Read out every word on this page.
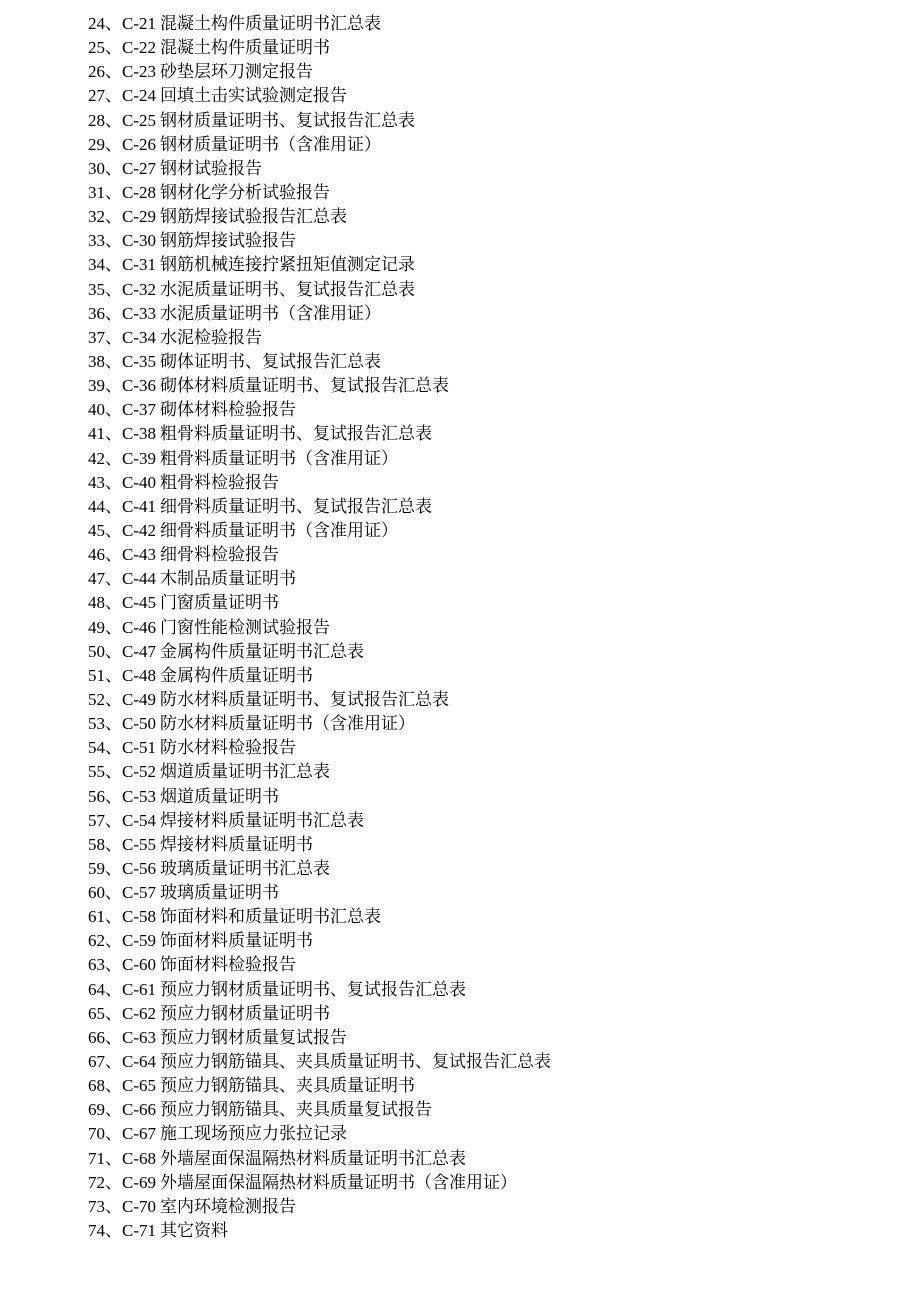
24、C-21 混凝土构件质量证明书汇总表
25、C-22 混凝土构件质量证明书
26、C-23 砂垫层环刀测定报告
27、C-24 回填土击实试验测定报告
28、C-25 钢材质量证明书、复试报告汇总表
29、C-26 钢材质量证明书（含准用证）
30、C-27 钢材试验报告
31、C-28 钢材化学分析试验报告
32、C-29 钢筋焊接试验报告汇总表
33、C-30 钢筋焊接试验报告
34、C-31 钢筋机械连接拧紧扭矩值测定记录
35、C-32 水泥质量证明书、复试报告汇总表
36、C-33 水泥质量证明书（含准用证）
37、C-34 水泥检验报告
38、C-35 砌体证明书、复试报告汇总表
39、C-36 砌体材料质量证明书、复试报告汇总表
40、C-37 砌体材料检验报告
41、C-38 粗骨料质量证明书、复试报告汇总表
42、C-39 粗骨料质量证明书（含准用证）
43、C-40 粗骨料检验报告
44、C-41 细骨料质量证明书、复试报告汇总表
45、C-42 细骨料质量证明书（含准用证）
46、C-43 细骨料检验报告
47、C-44 木制品质量证明书
48、C-45 门窗质量证明书
49、C-46 门窗性能检测试验报告
50、C-47 金属构件质量证明书汇总表
51、C-48 金属构件质量证明书
52、C-49 防水材料质量证明书、复试报告汇总表
53、C-50 防水材料质量证明书（含准用证）
54、C-51 防水材料检验报告
55、C-52 烟道质量证明书汇总表
56、C-53 烟道质量证明书
57、C-54 焊接材料质量证明书汇总表
58、C-55 焊接材料质量证明书
59、C-56 玻璃质量证明书汇总表
60、C-57 玻璃质量证明书
61、C-58 饰面材料和质量证明书汇总表
62、C-59 饰面材料质量证明书
63、C-60 饰面材料检验报告
64、C-61 预应力钢材质量证明书、复试报告汇总表
65、C-62 预应力钢材质量证明书
66、C-63 预应力钢材质量复试报告
67、C-64 预应力钢筋锚具、夹具质量证明书、复试报告汇总表
68、C-65 预应力钢筋锚具、夹具质量证明书
69、C-66 预应力钢筋锚具、夹具质量复试报告
70、C-67 施工现场预应力张拉记录
71、C-68 外墙屋面保温隔热材料质量证明书汇总表
72、C-69 外墙屋面保温隔热材料质量证明书（含准用证）
73、C-70 室内环境检测报告
74、C-71 其它资料
